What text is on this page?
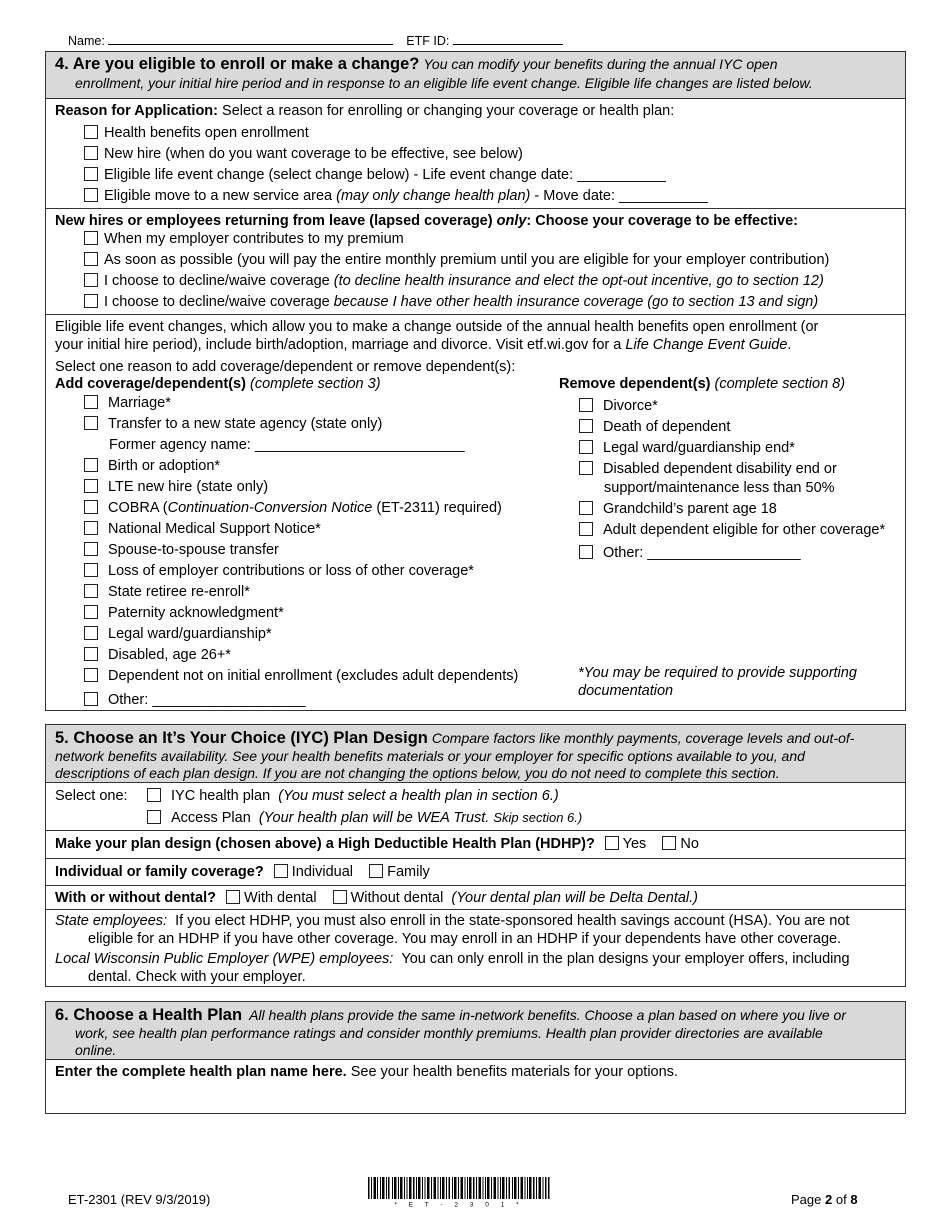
Name:	ETF ID:
4. Are you eligible to enroll or make a change? You can modify your benefits during the annual IYC open
enrollment, your initial hire period and in response to an eligible life event change. Eligible life changes are listed below.
Reason for Application: Select a reason for enrolling or changing your coverage or health plan:
Health benefits open enrollment
New hire (when do you want coverage to be effective, see below)
Eligible life event change (select change below) - Life event change date: ___________
Eligible move to a new service area (may only change health plan) - Move date: ___________
New hires or employees returning from leave (lapsed coverage) only: Choose your coverage to be effective:
When my employer contributes to my premium
As soon as possible (you will pay the entire monthly premium until you are eligible for your employer contribution)
I choose to decline/waive coverage (to decline health insurance and elect the opt-out incentive, go to section 12)
I choose to decline/waive coverage because I have other health insurance coverage (go to section 13 and sign)
Eligible life event changes, which allow you to make a change outside of the annual health benefits open enrollment (or
your initial hire period), include birth/adoption, marriage and divorce. Visit etf.wi.gov for a Life Change Event Guide.
Select one reason to add coverage/dependent or remove dependent(s):
Add coverage/dependent(s) (complete section 3)	Remove dependent(s) (complete section 8)
Marriage*
Transfer to a new state agency (state only)
Former agency name: __________________________
Birth or adoption*
LTE new hire (state only)
COBRA (Continuation-Conversion Notice (ET-2311) required)
National Medical Support Notice*
Spouse-to-spouse transfer
Loss of employer contributions or loss of other coverage*
State retiree re-enroll*
Paternity acknowledgment*
Legal ward/guardianship*
Disabled, age 26+*
Dependent not on initial enrollment (excludes adult dependents)
Other: ___________________
Divorce*
Death of dependent
Legal ward/guardianship end*
Disabled dependent disability end or
support/maintenance less than 50%
Grandchild’s parent age 18
Adult dependent eligible for other coverage*
Other: ___________________
*You may be required to provide supporting
documentation
5. Choose an It’s Your Choice (IYC) Plan Design Compare factors like monthly payments, coverage levels and out-of-
network benefits availability. See your health benefits materials or your employer for specific options available to you, and
descriptions of each plan design. If you are not changing the options below, you do not need to complete this section.
Select one:	IYC health plan (You must select a health plan in section 6.)
Access Plan (Your health plan will be WEA Trust. Skip section 6.)
Make your plan design (chosen above) a High Deductible Health Plan (HDHP)? Yes No
Individual or family coverage? Individual Family
With or without dental? With dental Without dental (Your dental plan will be Delta Dental.)
State employees: If you elect HDHP, you must also enroll in the state-sponsored health savings account (HSA). You are not
eligible for an HDHP if you have other coverage. You may enroll in an HDHP if your dependents have other coverage.
Local Wisconsin Public Employer (WPE) employees: You can only enroll in the plan designs your employer offers, including
dental. Check with your employer.
6. Choose a Health Plan All health plans provide the same in-network benefits. Choose a plan based on where you live or
work, see health plan performance ratings and consider monthly premiums. Health plan provider directories are available
online.
Enter the complete health plan name here. See your health benefits materials for your options.
ET-2301 (REV 9/3/2019)	* E T - 2 3 0 1 *	Page 2 of 8
